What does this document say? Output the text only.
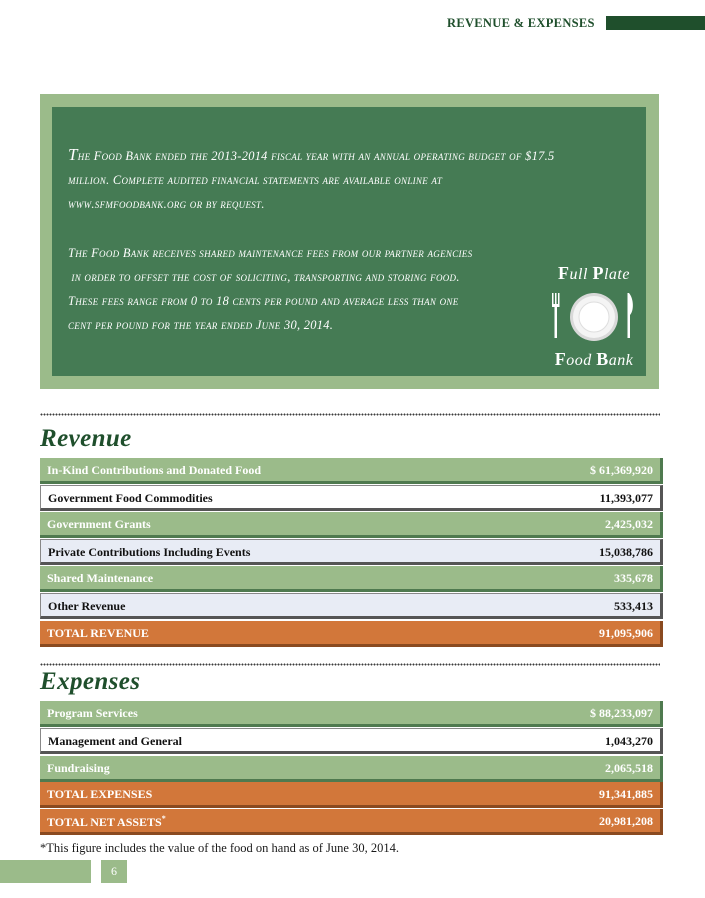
REVENUE & EXPENSES
The Food Bank ended the 2013-2014 fiscal year with an annual operating budget of $17.5 million. Complete audited financial statements are available online at www.sfmfoodbank.org or by request.
The Food Bank receives shared maintenance fees from our partner agencies
in order to offset the cost of soliciting, transporting and storing food.
These fees range from 0 to 18 cents per pound and average less than one
cent per pound for the year ended June 30, 2014.
Full Plate
Food Bank
Revenue
In-Kind Contributions and Donated Food	$ 61,369,920
Government Food Commodities	11,393,077
Government Grants	2,425,032
Private Contributions Including Events	15,038,786
Shared Maintenance	335,678
Other Revenue	533,413
TOTAL REVENUE	91,095,906
Expenses
Program Services	$ 88,233,097
Management and General	1,043,270
Fundraising	2,065,518
TOTAL EXPENSES	91,341,885
TOTAL NET ASSETS*	20,981,208
*This figure includes the value of the food on hand as of June 30, 2014.
6
